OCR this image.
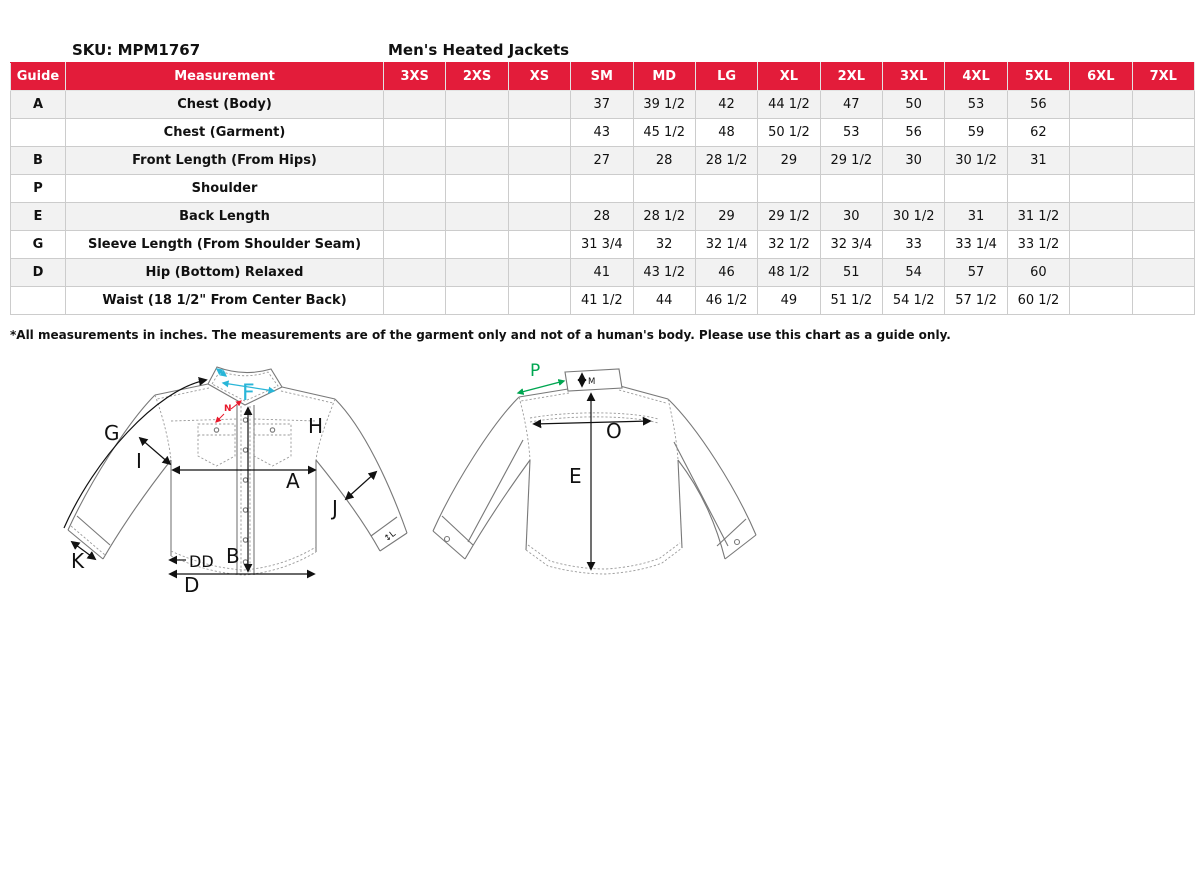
SKU: MPM1767	Men's Heated Jackets
Guide	Measurement	3XS	2XS	XS	SM	MD	LG	XL	2XL	3XL	4XL	5XL	6XL	7XL
A	Chest (Body)				37	39 1/2	42	44 1/2	47	50	53	56		
	Chest (Garment)				43	45 1/2	48	50 1/2	53	56	59	62		
B	Front Length (From Hips)				27	28	28 1/2	29	29 1/2	30	30 1/2	31		
P	Shoulder													
E	Back Length				28	28 1/2	29	29 1/2	30	30 1/2	31	31 1/2		
G	Sleeve Length (From Shoulder Seam)				31 3/4	32	32 1/4	32 1/2	32 3/4	33	33 1/4	33 1/2		
D	Hip (Bottom) Relaxed				41	43 1/2	46	48 1/2	51	54	57	60		
	Waist (18 1/2" From Center Back)				41 1/2	44	46 1/2	49	51 1/2	54 1/2	57 1/2	60 1/2		
*All measurements in inches. The measurements are of the garment only and not of a human's body. Please use this chart as a guide only.
G
I
F
H
A
J
K	B
DD
D
N
↕L
P
M
O
E
